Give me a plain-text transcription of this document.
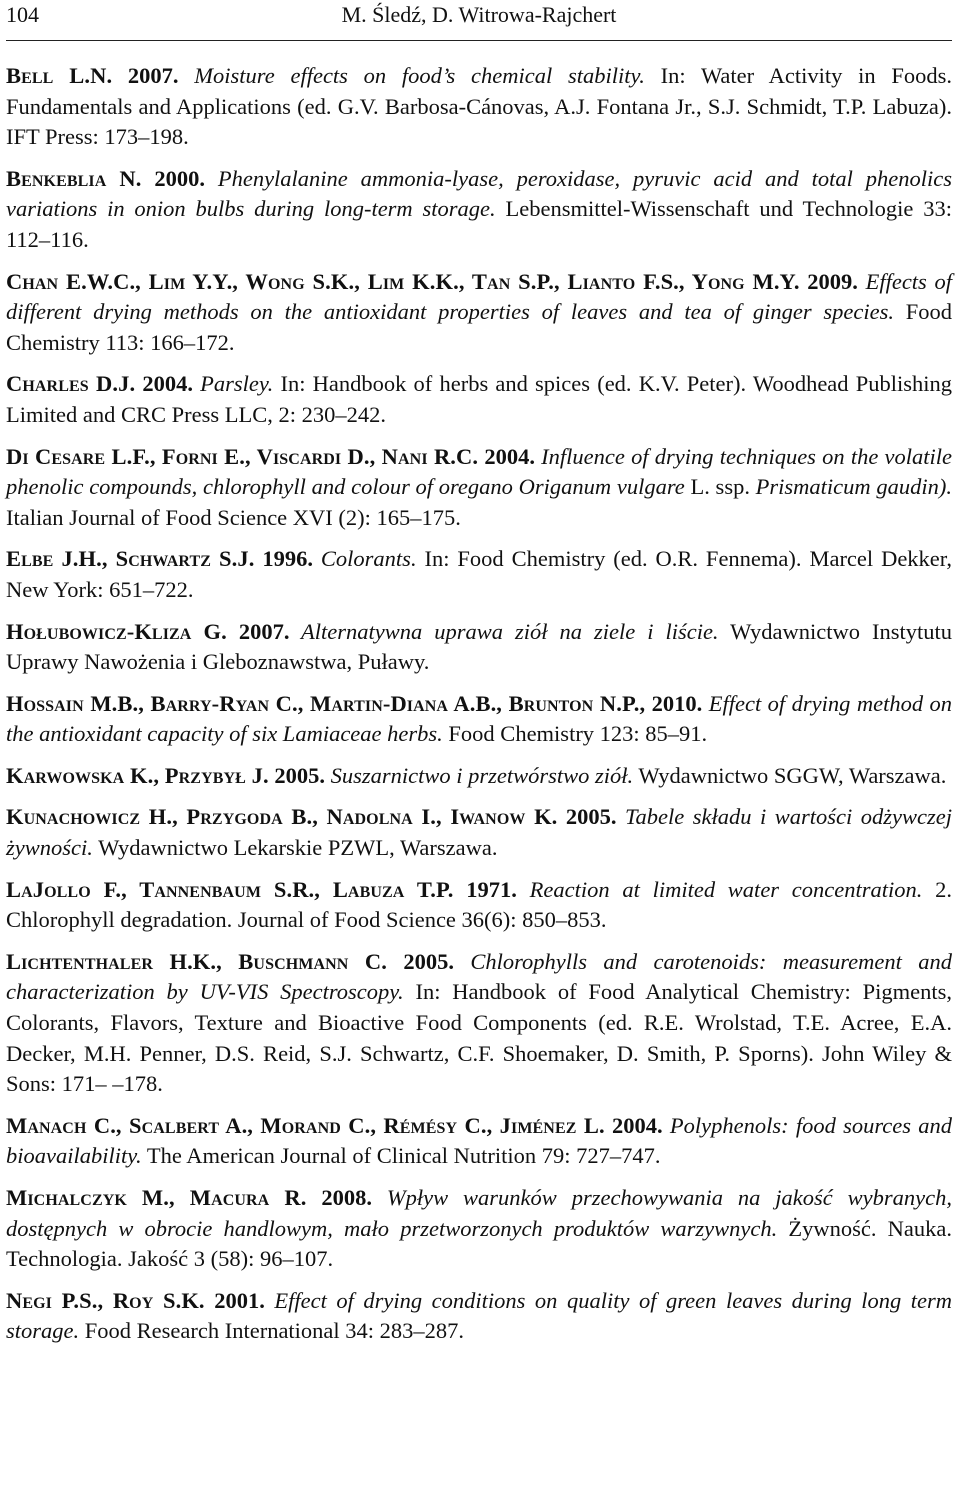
104	M. Śledź, D. Witrowa-Rajchert

Bell L.N. 2007. Moisture effects on food’s chemical stability. In: Water Activity in Foods. Fundamentals and Applications (ed. G.V. Barbosa-Cánovas, A.J. Fontana Jr., S.J. Schmidt, T.P. Labuza). IFT Press: 173–198.

Benkeblia N. 2000. Phenylalanine ammonia-lyase, peroxidase, pyruvic acid and total phenolics variations in onion bulbs during long-term storage. Lebensmittel-Wissenschaft und Technologie 33: 112–116.

Chan E.W.C., Lim Y.Y., Wong S.K., Lim K.K., Tan S.P., Lianto F.S., Yong M.Y. 2009. Effects of different drying methods on the antioxidant properties of leaves and tea of ginger species. Food Chemistry 113: 166–172.

Charles D.J. 2004. Parsley. In: Handbook of herbs and spices (ed. K.V. Peter). Woodhead Publishing Limited and CRC Press LLC, 2: 230–242.

Di Cesare L.F., Forni E., Viscardi D., Nani R.C. 2004. Influence of drying techniques on the volatile phenolic compounds, chlorophyll and colour of oregano Origanum vulgare L. ssp. Prismaticum gaudin). Italian Journal of Food Science XVI (2): 165–175.

Elbe J.H., Schwartz S.J. 1996. Colorants. In: Food Chemistry (ed. O.R. Fennema). Marcel Dekker, New York: 651–722.

Hołubowicz-Kliza G. 2007. Alternatywna uprawa ziół na ziele i liście. Wydawnictwo Instytutu Uprawy Nawożenia i Gleboznawstwa, Puławy.

Hossain M.B., Barry-Ryan C., Martin-Diana A.B., Brunton N.P., 2010. Effect of drying method on the antioxidant capacity of six Lamiaceae herbs. Food Chemistry 123: 85–91.

Karwowska K., Przybył J. 2005. Suszarnictwo i przetwórstwo ziół. Wydawnictwo SGGW, Warszawa.

Kunachowicz H., Przygoda B., Nadolna I., Iwanow K. 2005. Tabele składu i wartości odżywczej żywności. Wydawnictwo Lekarskie PZWL, Warszawa.

LaJollo F., Tannenbaum S.R., Labuza T.P. 1971. Reaction at limited water concentration. 2. Chlorophyll degradation. Journal of Food Science 36(6): 850–853.

Lichtenthaler H.K., Buschmann C. 2005. Chlorophylls and carotenoids: measurement and characterization by UV-VIS Spectroscopy. In: Handbook of Food Analytical Chemistry: Pigments, Colorants, Flavors, Texture and Bioactive Food Components (ed. R.E. Wrolstad, T.E. Acree, E.A. Decker, M.H. Penner, D.S. Reid, S.J. Schwartz, C.F. Shoemaker, D. Smith, P. Sporns). John Wiley & Sons: 171– –178.

Manach C., Scalbert A., Morand C., Rémésy C., Jiménez L. 2004. Polyphenols: food sources and bioavailability. The American Journal of Clinical Nutrition 79: 727–747.

Michalczyk M., Macura R. 2008. Wpływ warunków przechowywania na jakość wybranych, dostępnych w obrocie handlowym, mało przetworzonych produktów warzywnych. Żywność. Nauka. Technologia. Jakość 3 (58): 96–107.

Negi P.S., Roy S.K. 2001. Effect of drying conditions on quality of green leaves during long term storage. Food Research International 34: 283–287.
